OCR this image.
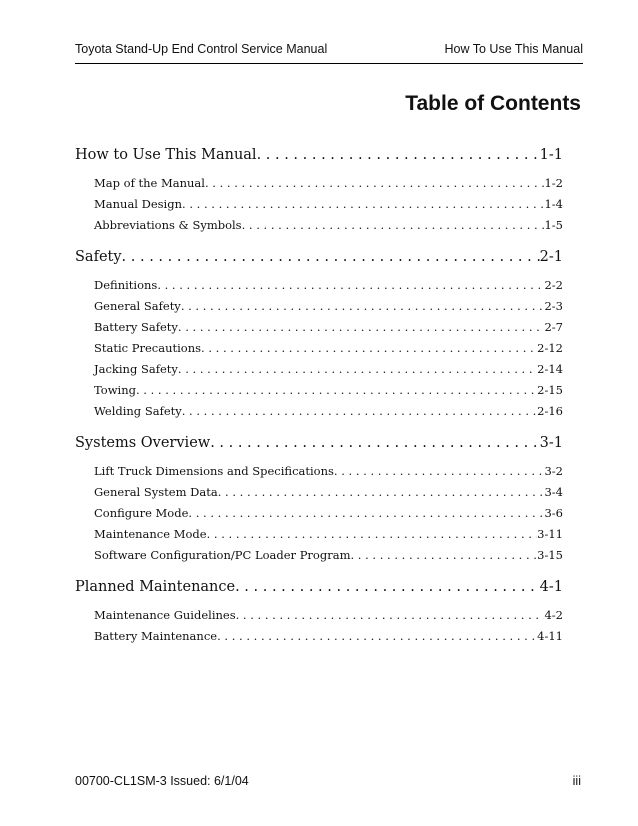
Toyota Stand-Up End Control Service Manual	How To Use This Manual
Table of Contents
How to Use This Manual . . .	1-1
Map of the Manual . . .	1-2
Manual Design . . .	1-4
Abbreviations & Symbols . . .	1-5
Safety . . .	2-1
Definitions . . .	2-2
General Safety . . .	2-3
Battery Safety . . .	2-7
Static Precautions . . .	2-12
Jacking Safety . . .	2-14
Towing . . .	2-15
Welding Safety . . .	2-16
Systems Overview . . .	3-1
Lift Truck Dimensions and Specifications . . .	3-2
General System Data . . .	3-4
Configure Mode . . .	3-6
Maintenance Mode . . .	3-11
Software Configuration/PC Loader Program . . .	3-15
Planned Maintenance . . .	4-1
Maintenance Guidelines . . .	4-2
Battery Maintenance . . .	4-11
00700-CL1SM-3 Issued: 6/1/04	iii
